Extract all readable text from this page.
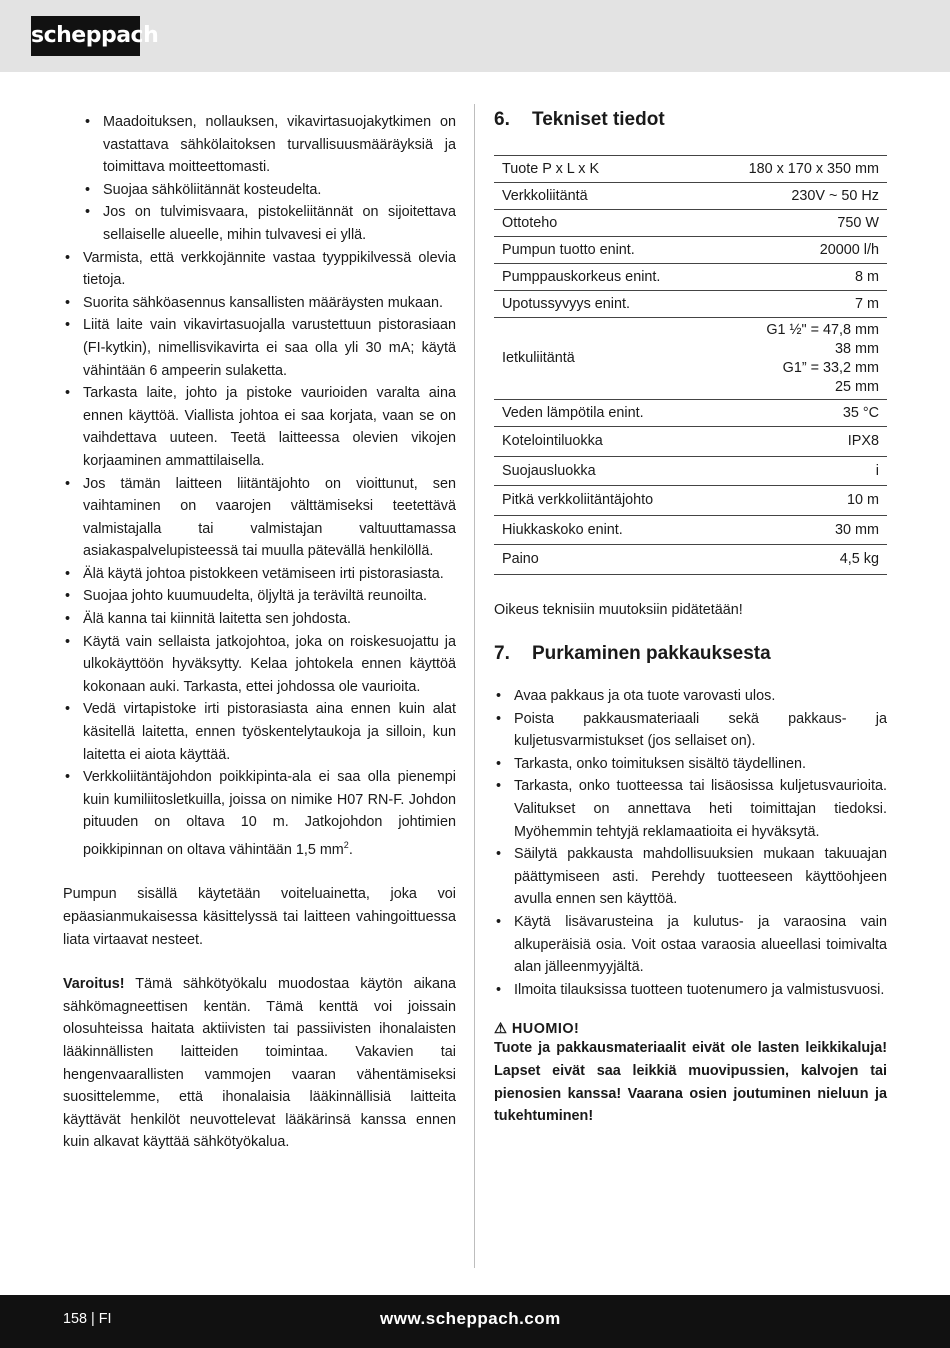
scheppach
• Maadoituksen, nollauksen, vikavirtasuojakytkimen on vastattava sähkölaitoksen turvallisuusmääräyksiä ja toimittava moitteettomasti.
• Suojaa sähköliitännät kosteudelta.
• Jos on tulvimisvaara, pistokeliitännät on sijoitettava sellaiselle alueelle, mihin tulvavesi ei yllä.
• Varmista, että verkkojännite vastaa tyyppikilvessä olevia tietoja.
• Suorita sähköasennus kansallisten määräysten mukaan.
• Liitä laite vain vikavirtasuojalla varustettuun pistorasiaan (FI-kytkin), nimellisvikavirta ei saa olla yli 30 mA; käytä vähintään 6 ampeerin sulaketta.
• Tarkasta laite, johto ja pistoke vaurioiden varalta aina ennen käyttöä. Viallista johtoa ei saa korjata, vaan se on vaihdettava uuteen. Teetä laitteessa olevien vikojen korjaaminen ammattilaisella.
• Jos tämän laitteen liitäntäjohto on vioittunut, sen vaihtaminen on vaarojen välttämiseksi teetettävä valmistajalla tai valmistajan valtuuttamassa asiakaspalvelupisteessä tai muulla pätevällä henkilöllä.
• Älä käytä johtoa pistokkeen vetämiseen irti pistorasiasta.
• Suojaa johto kuumuudelta, öljyltä ja teräviltä reunoilta.
• Älä kanna tai kiinnitä laitetta sen johdosta.
• Käytä vain sellaista jatkojohtoa, joka on roiskesuojattu ja ulkokäyttöön hyväksytty. Kelaa johtokela ennen käyttöä kokonaan auki. Tarkasta, ettei johdossa ole vaurioita.
• Vedä virtapistoke irti pistorasiasta aina ennen kuin alat käsitellä laitetta, ennen työskentelytaukoja ja silloin, kun laitetta ei aiota käyttää.
• Verkkoliitäntäjohdon poikkipinta-ala ei saa olla pienempi kuin kumiliitosletkuilla, joissa on nimike H07 RN-F. Johdon pituuden on oltava 10 m. Jatkojohdon johtimien poikkipinnan on oltava vähintään 1,5 $mm^2$.

Pumpun sisällä käytetään voiteluainetta, joka voi epäasianmukaisessa käsittelyssä tai laitteen vahingoittuessa liata virtaavat nesteet.

Varoitus! Tämä sähkötyökalu muodostaa käytön aikana sähkömagneettisen kentän. Tämä kenttä voi joissain olosuhteissa haitata aktiivisten tai passiivisten ihonalaisten lääkinnällisten laitteiden toimintaa. Vakavien tai hengenvaarallisten vammojen vaaran vähentämiseksi suosittelemme, että ihonalaisia lääkinnällisiä laitteita käyttävät henkilöt neuvottelevat lääkärinsä kanssa ennen kuin alkavat käyttää sähkötyökalua.

6.	Tekniset tiedot
Tuote P x L x K	180 x 170 x 350 mm
Verkkoliitäntä	230V ~ 50 Hz
Ottoteho	750 W
Pumpun tuotto enint.	20000 l/h
Pumppauskorkeus enint.	8 m
Upotussyvyys enint.	7 m
Ietkuliitäntä	G1 ½" = 47,8 mm
38 mm
G1” = 33,2 mm
25 mm

Veden lämpötila enint.	35 °C
Kotelointiluokka	IPX8
Suojausluokka	i
Pitkä verkkoliitäntäjohto	10 m
Hiukkaskoko enint.	30 mm
Paino	4,5 kg

Oikeus teknisiin muutoksiin pidätetään!

7.	Purkaminen pakkauksesta
• Avaa pakkaus ja ota tuote varovasti ulos.
• Poista pakkausmateriaali sekä pakkaus- ja kuljetusvarmistukset (jos sellaiset on).
• Tarkasta, onko toimituksen sisältö täydellinen.
• Tarkasta, onko tuotteessa tai lisäosissa kuljetusvaurioita. Valitukset on annettava heti toimittajan tiedoksi. Myöhemmin tehtyjä reklamaatioita ei hyväksytä.
• Säilytä pakkausta mahdollisuuksien mukaan takuuajan päättymiseen asti. Perehdy tuotteeseen käyttöohjeen avulla ennen sen käyttöä.
• Käytä lisävarusteina ja kulutus- ja varaosina vain alkuperäisiä osia. Voit ostaa varaosia alueellasi toimivalta alan jälleenmyyjältä.
• Ilmoita tilauksissa tuotteen tuotenumero ja valmistusvuosi.
⚠ HUOMIO!

Tuote ja pakkausmateriaalit eivät ole lasten leikkikaluja! Lapset eivät saa leikkiä muovipussien, kalvojen tai pienosien kanssa! Vaarana osien joutuminen nieluun ja tukehtuminen!

158 | FI	www.scheppach.com
